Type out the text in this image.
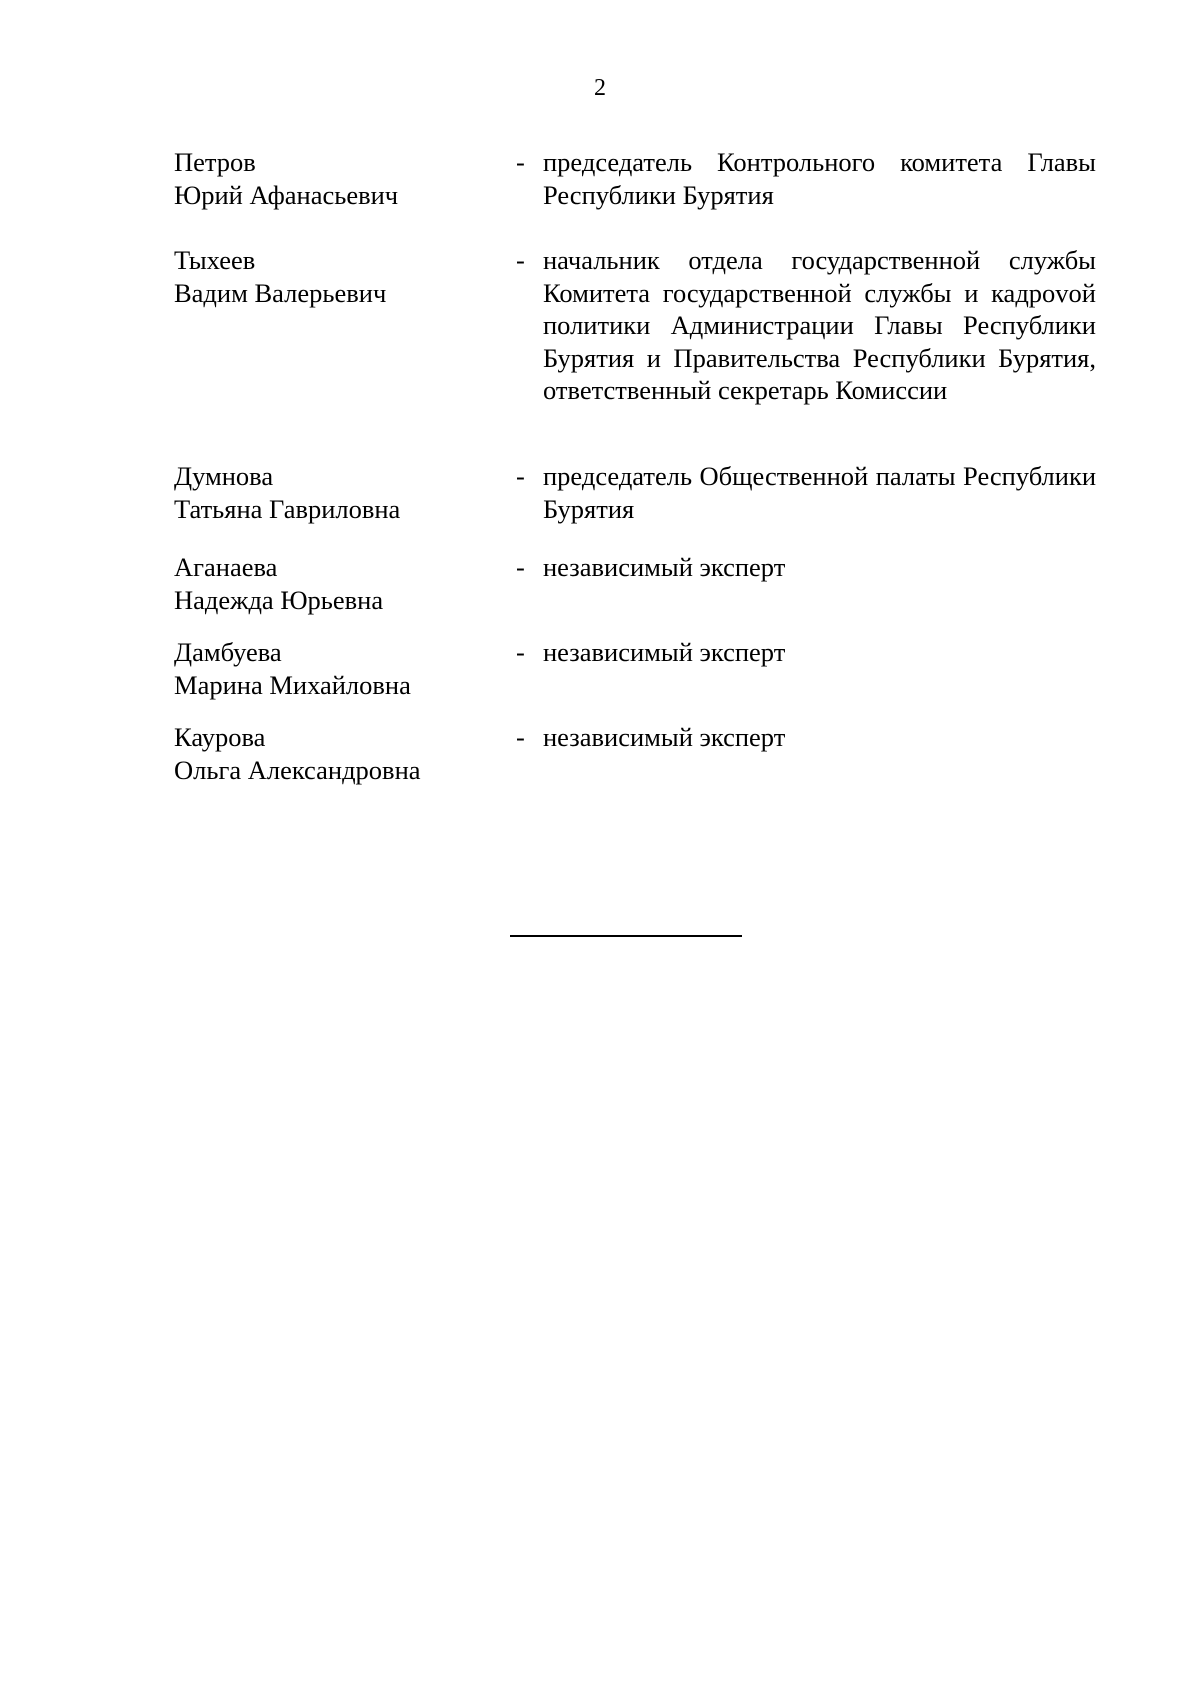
2
Петров
Юрий Афанасьевич
- председатель Контрольного комитета Главы Республики Бурятия
Тыхеев
Вадим Валерьевич
- начальник отдела государственной службы Комитета государственной службы и кадроvой политики Администрации Главы Республики Бурятия и Правительства Республики Бурятия, ответственный секретарь Комиссии
Думнова
Татьяна Гавриловна
- председатель Общественной палаты Республики Бурятия
Аганаева
Надежда Юрьевна
- независимый эксперт
Дамбуева
Марина Михайловна
- независимый эксперт
Каурова
Ольга Александровна
- независимый эксперт
